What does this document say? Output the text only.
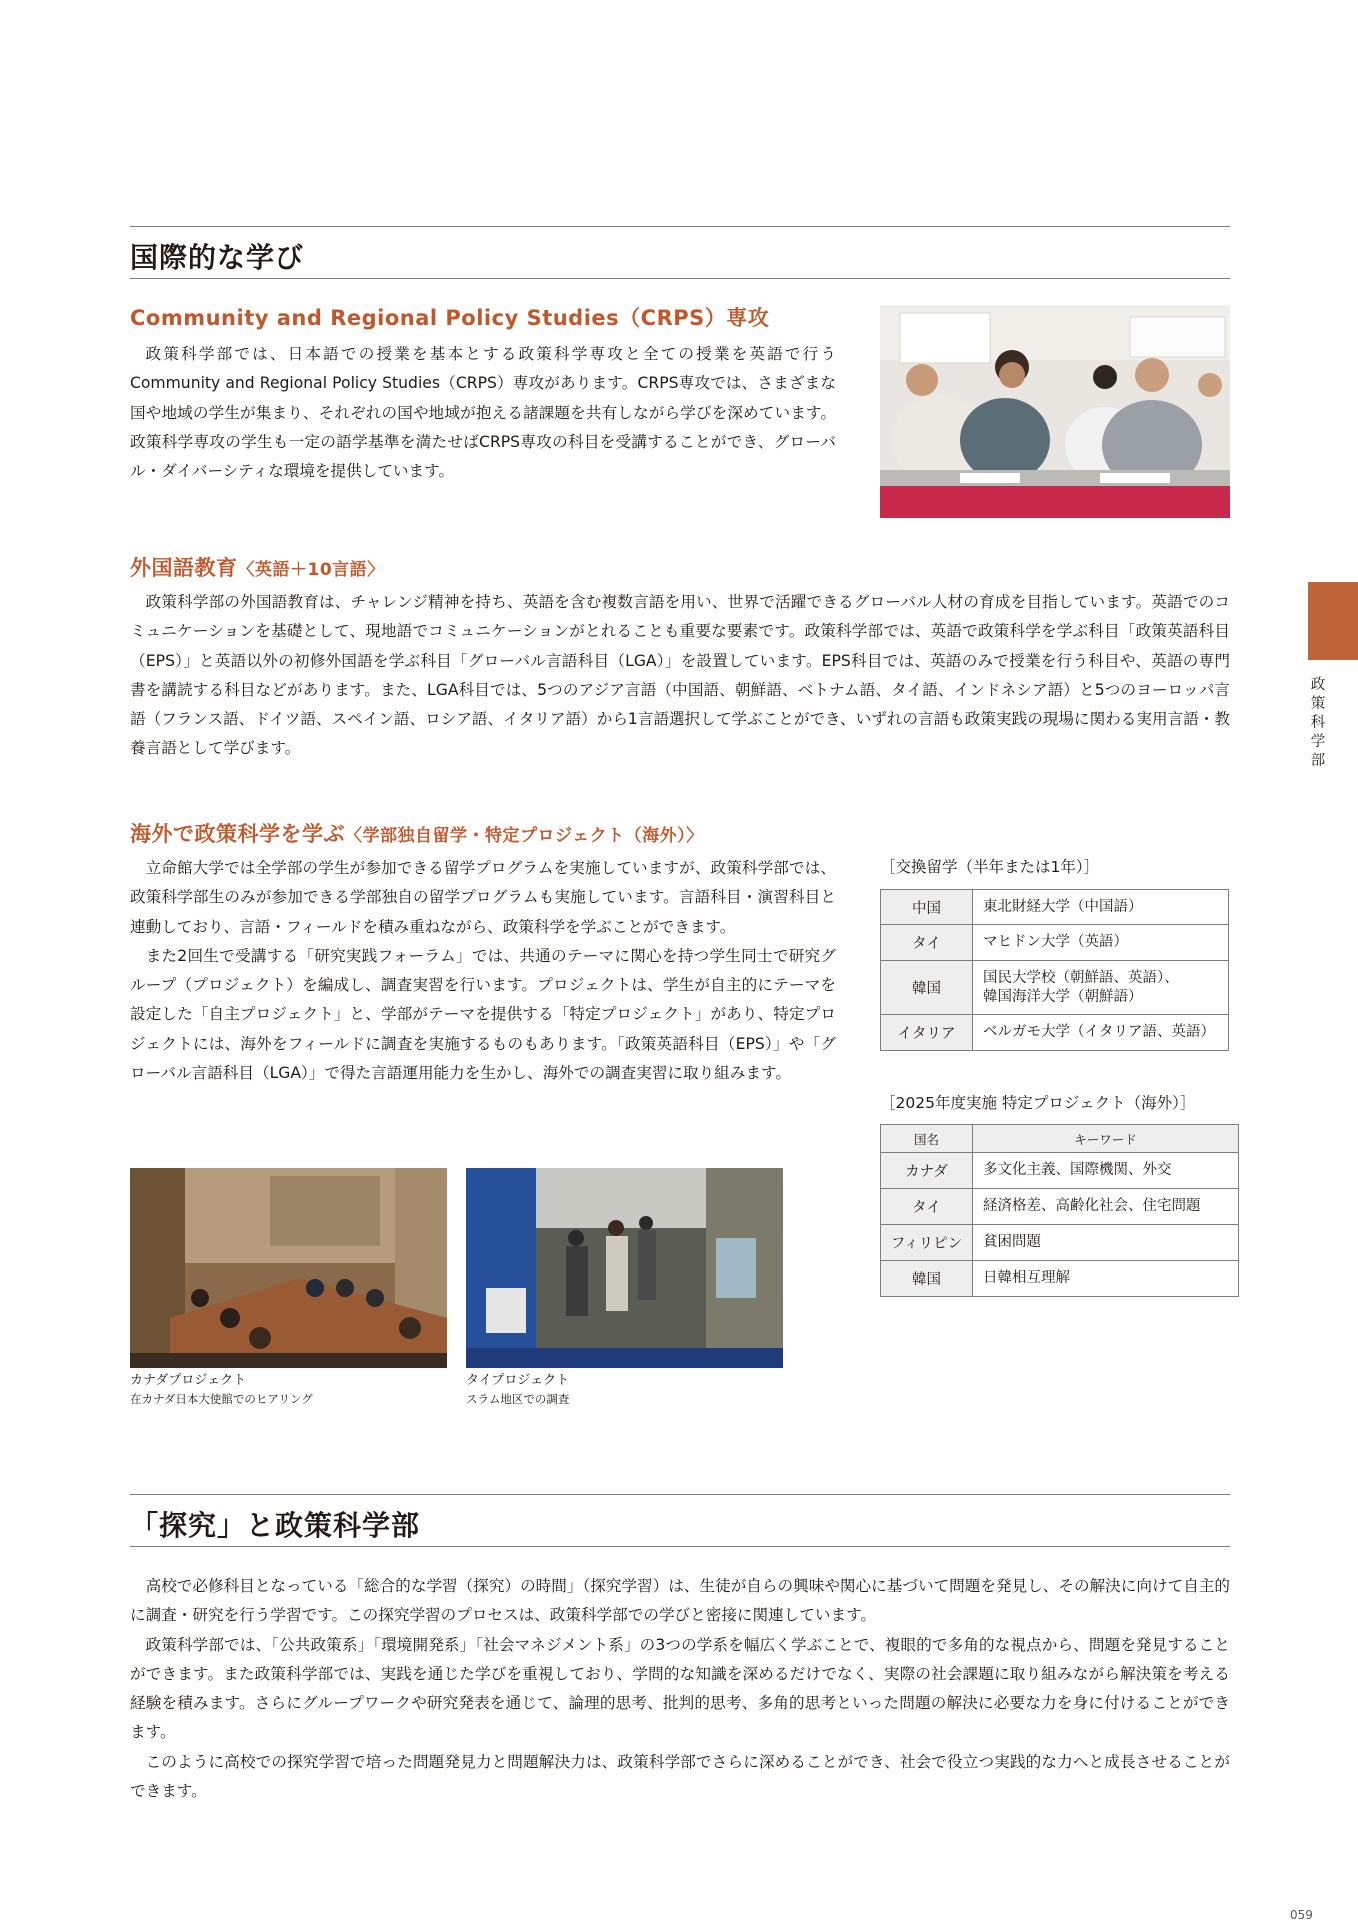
国際的な学び
Community and Regional Policy Studies（CRPS）専攻

政策科学部では、日本語での授業を基本とする政策科学専攻と全ての授業を英語で行うCommunity and Regional Policy Studies（CRPS）専攻があります。CRPS専攻では、さまざまな国や地域の学生が集まり、それぞれの国や地域が抱える諸課題を共有しながら学びを深めています。政策科学専攻の学生も一定の語学基準を満たせばCRPS専攻の科目を受講することができ、グローバル・ダイバーシティな環境を提供しています。

外国語教育〈英語＋10言語〉

政策科学部の外国語教育は、チャレンジ精神を持ち、英語を含む複数言語を用い、世界で活躍できるグローバル人材の育成を目指しています。英語でのコミュニケーションを基礎として、現地語でコミュニケーションがとれることも重要な要素です。政策科学部では、英語で政策科学を学ぶ科目「政策英語科目（EPS）」と英語以外の初修外国語を学ぶ科目「グローバル言語科目（LGA）」を設置しています。EPS科目では、英語のみで授業を行う科目や、英語の専門書を講読する科目などがあります。また、LGA科目では、5つのアジア言語（中国語、朝鮮語、ベトナム語、タイ語、インドネシア語）と5つのヨーロッパ言語（フランス語、ドイツ語、スペイン語、ロシア語、イタリア語）から1言語選択して学ぶことができ、いずれの言語も政策実践の現場に関わる実用言語・教養言語として学びます。

海外で政策科学を学ぶ〈学部独自留学・特定プロジェクト（海外）〉

立命館大学では全学部の学生が参加できる留学プログラムを実施していますが、政策科学部では、政策科学部生のみが参加できる学部独自の留学プログラムも実施しています。言語科目・演習科目と連動しており、言語・フィールドを積み重ねながら、政策科学を学ぶことができます。

また2回生で受講する「研究実践フォーラム」では、共通のテーマに関心を持つ学生同士で研究グループ（プロジェクト）を編成し、調査実習を行います。プロジェクトは、学生が自主的にテーマを設定した「自主プロジェクト」と、学部がテーマを提供する「特定プロジェクト」があり、特定プロジェクトには、海外をフィールドに調査を実施するものもあります。「政策英語科目（EPS）」や「グローバル言語科目（LGA）」で得た言語運用能力を生かし、海外での調査実習に取り組みます。

カナダプロジェクト
在カナダ日本大使館でのヒアリング
タイプロジェクト
スラム地区での調査
［交換留学（半年または1年）］
中国	東北財経大学（中国語）
タイ	マヒドン大学（英語）
韓国	国民大学校（朝鮮語、英語）、
韓国海洋大学（朝鮮語）

イタリア	ベルガモ大学（イタリア語、英語）
［2025年度実施 特定プロジェクト（海外）］
国名	キーワード
カナダ	多文化主義、国際機関、外交
タイ	経済格差、高齢化社会、住宅問題
フィリピン	貧困問題
韓国	日韓相互理解
「探究」と政策科学部

高校で必修科目となっている「総合的な学習（探究）の時間」（探究学習）は、生徒が自らの興味や関心に基づいて問題を発見し、その解決に向けて自主的に調査・研究を行う学習です。この探究学習のプロセスは、政策科学部での学びと密接に関連しています。

政策科学部では、「公共政策系」「環境開発系」「社会マネジメント系」の3つの学系を幅広く学ぶことで、複眼的で多角的な視点から、問題を発見することができます。また政策科学部では、実践を通じた学びを重視しており、学問的な知識を深めるだけでなく、実際の社会課題に取り組みながら解決策を考える経験を積みます。さらにグループワークや研究発表を通じて、論理的思考、批判的思考、多角的思考といった問題の解決に必要な力を身に付けることができます。

このように高校での探究学習で培った問題発見力と問題解決力は、政策科学部でさらに深めることができ、社会で役立つ実践的な力へと成長させることができます。

政策科学部
059
